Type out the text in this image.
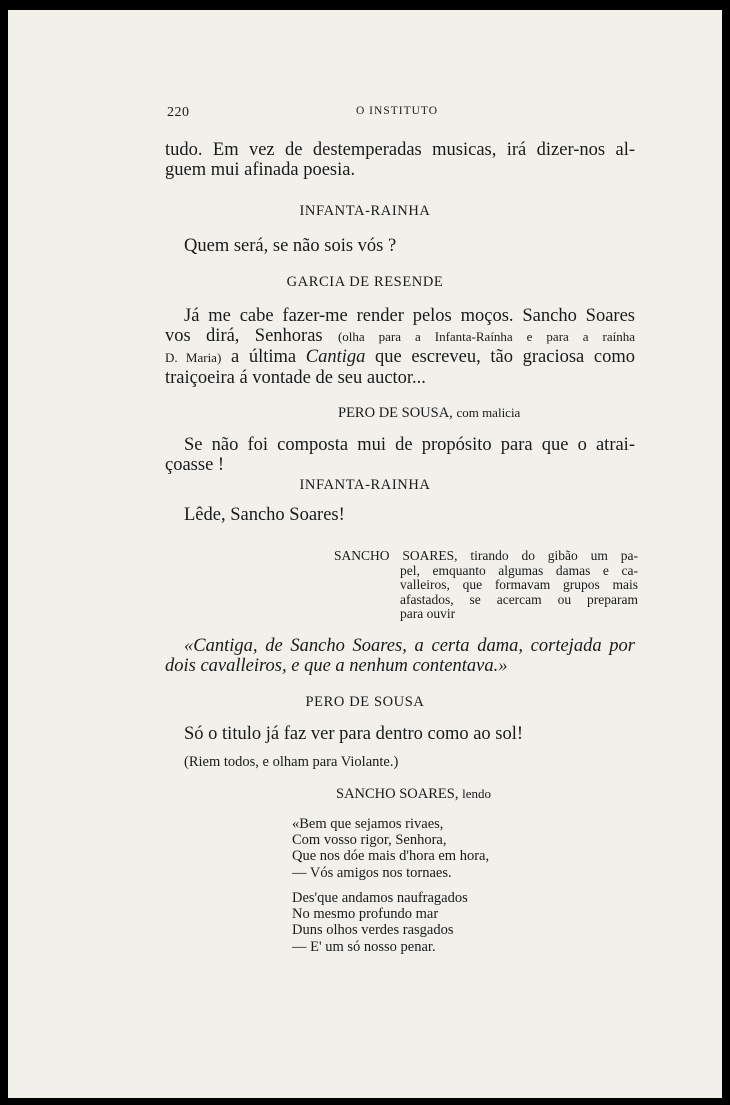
220	O INSTITUTO
tudo. Em vez de destemperadas musicas, irá dizer-nos al-
guem mui afinada poesia.
INFANTA-RAINHA
Quem será, se não sois vós ?
GARCIA DE RESENDE
Já me cabe fazer-me render pelos moços. Sancho Soares
vos dirá, Senhoras (olha para a Infanta-Raínha e para a raínha
D. Maria) a última Cantiga que escreveu, tão graciosa como
traiçoeira á vontade de seu auctor...
PERO DE SOUSA, com malicia
Se não foi composta mui de propósito para que o atrai-
çoasse !
INFANTA-RAINHA
Lêde, Sancho Soares!
SANCHO SOARES, tirando do gibão um pa-
pel, emquanto algumas damas e ca-
valleiros, que formavam grupos mais
afastados, se acercam ou preparam
para ouvir
«Cantiga, de Sancho Soares, a certa dama, cortejada por
dois cavalleiros, e que a nenhum contentava.»
PERO DE SOUSA
Só o titulo já faz ver para dentro como ao sol!
(Riem todos, e olham para Violante.)
SANCHO SOARES, lendo
«Bem que sejamos rivaes,
Com vosso rigor, Senhora,
Que nos dóe mais d'hora em hora,
— Vós amigos nos tornaes.
Des'que andamos naufragados
No mesmo profundo mar
Duns olhos verdes rasgados
— E' um só nosso penar.
